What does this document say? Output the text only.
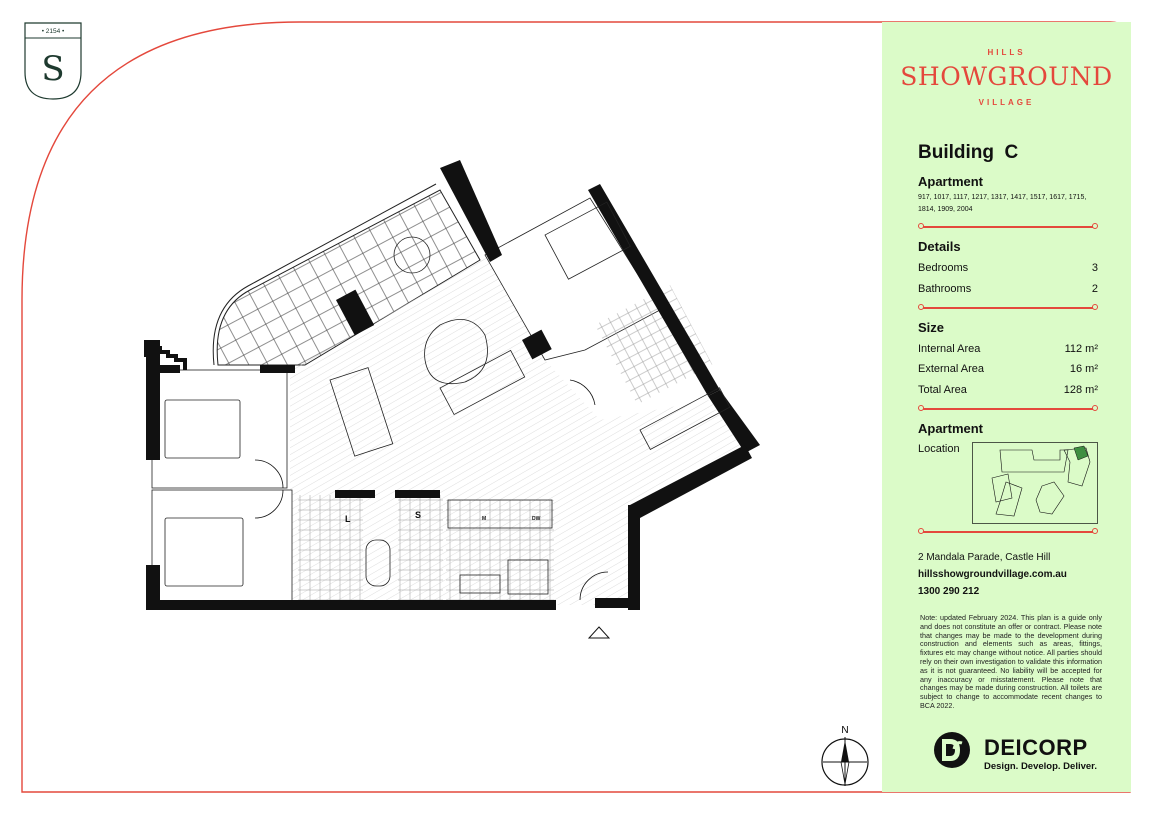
HILLS
SHOWGROUND
VILLAGE
Building C
Apartment
917, 1017, 1117, 1217, 1317, 1417, 1517, 1617, 1715, 1814, 1909, 2004
Details
Bedrooms	3
Bathrooms	2
Size
Internal Area	112 m²
External Area	16 m²
Total Area	128 m²
Apartment
Location
2 Mandala Parade, Castle Hill
hillsshowgroundvillage.com.au
1300 290 212
Note: updated February 2024. This plan is a guide only and does not constitute an offer or contract. Please note that changes may be made to the development during construction and elements such as areas, fittings, fixtures etc may change without notice. All parties should rely on their own investigation to validate this information as it is not guaranteed. No liability will be accepted for any inaccuracy or misstatement. Please note that changes may be made during construction. All toilets are subject to change to accommodate recent changes to BCA 2022.
DEICORP
Design. Develop. Deliver.
• 2154 •
S
L	S	M	DW
N
